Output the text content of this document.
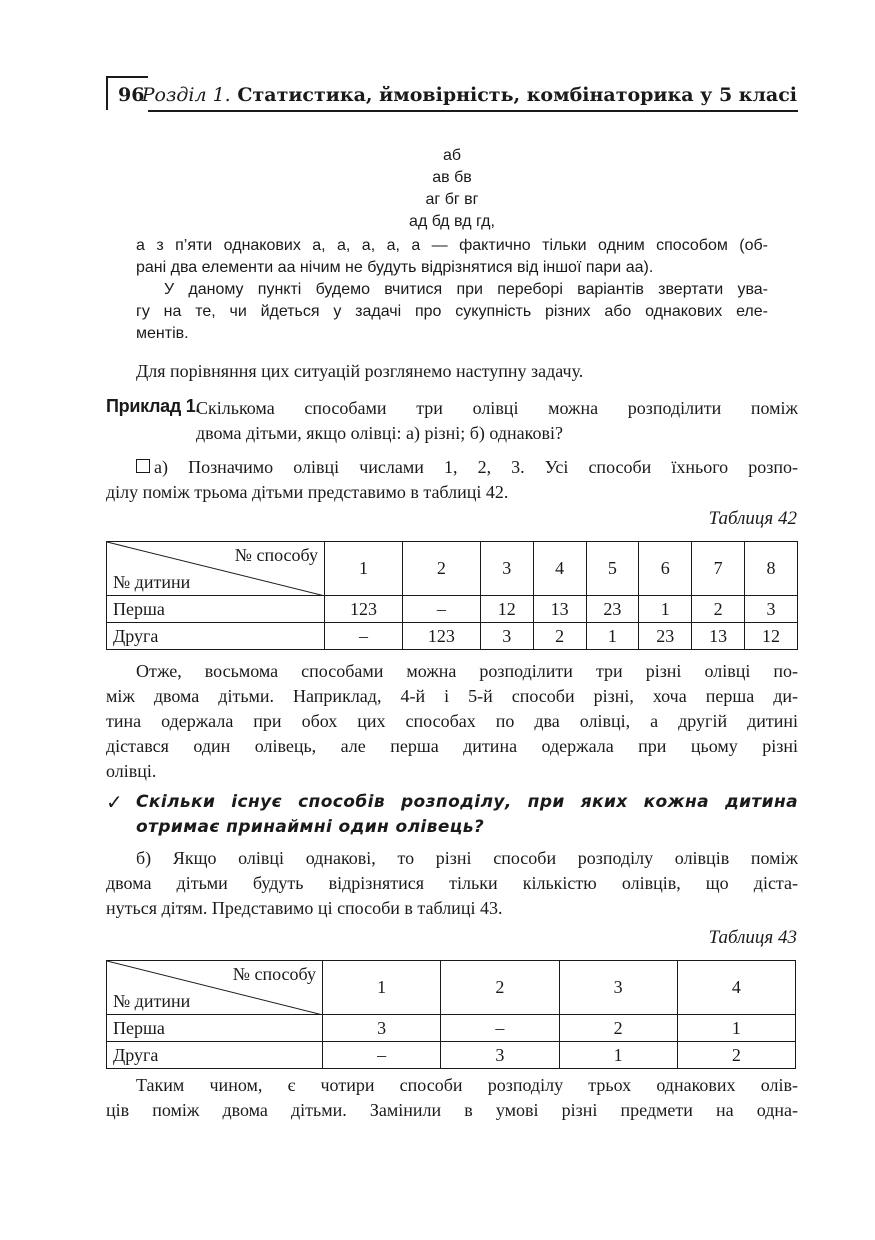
96
Розділ 1. Статистика, ймовірність, комбінаторика у 5 класі
аб
ав бв
аг бг вг
ад бд вд гд,
а з п’яти однакових а, а, а, а, а — фактично тільки одним способом (об-
рані два елементи аа нічим не будуть відрізнятися від іншої пари аа).
У даному пункті будемо вчитися при переборі варіантів звертати ува-
гу на те, чи йдеться у задачі про сукупність різних або однакових еле-
ментів.
Для порівняння цих ситуацій розглянемо наступну задачу.
Приклад 1.
Скількома способами три олівці можна розподілити поміж
двома дітьми, якщо олівці: а) різні; б) однакові?
а) Позначимо олівці числами 1, 2, 3. Усі способи їхнього розпо-
ділу поміж трьома дітьми представимо в таблиці 42.
Таблиця 42
№ способу
№ дитини	1	2	3	4	5	6	7	8
Перша	123	–	12	13	23	1	2	3
Друга	–	123	3	2	1	23	13	12
Отже, восьмома способами можна розподілити три різні олівці по-
між двома дітьми. Наприклад, 4-й і 5-й способи різні, хоча перша ди-
тина одержала при обох цих способах по два олівці, а другій дитині
дістався один олівець, але перша дитина одержала при цьому різні
олівці.
✓ Скільки існує способів розподілу, при яких кожна дитина
отримає принаймні один олівець?
б) Якщо олівці однакові, то різні способи розподілу олівців поміж
двома дітьми будуть відрізнятися тільки кількістю олівців, що діста-
нуться дітям. Представимо ці способи в таблиці 43.
Таблиця 43
№ способу
№ дитини	1	2	3	4
Перша	3	–	2	1
Друга	–	3	1	2
Таким чином, є чотири способи розподілу трьох однакових олів-
ців поміж двома дітьми. Замінили в умові різні предмети на одна-
